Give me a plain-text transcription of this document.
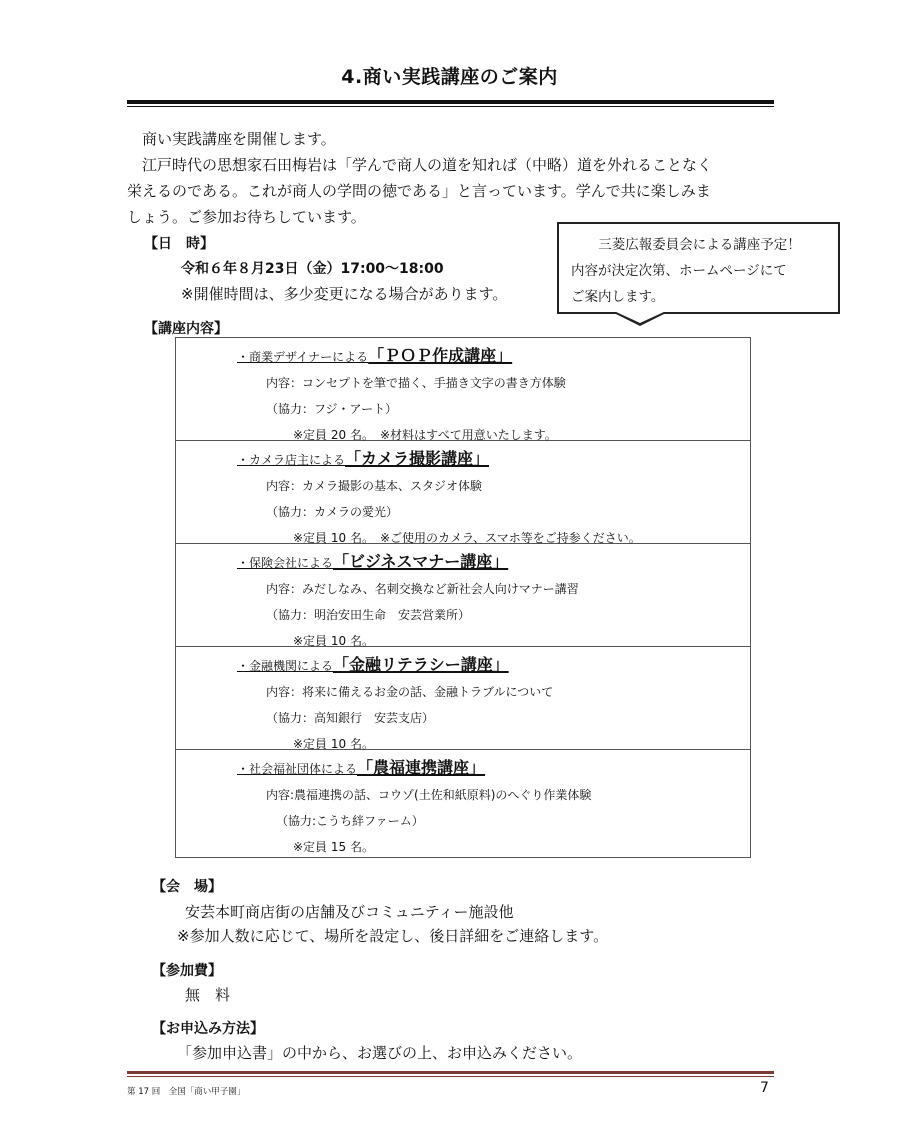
4.商い実践講座のご案内
　商い実践講座を開催します。
　江戸時代の思想家石田梅岩は「学んで商人の道を知れば（中略）道を外れることなく
栄えるのである。これが商人の学問の徳である」と言っています。学んで共に楽しみま
しょう。ご参加お待ちしています。
【日　時】
令和６年８月23日（金）17:00〜18:00
※開催時間は、多少変更になる場合があります。
三菱広報委員会による講座予定！
内容が決定次第、ホームページにて
ご案内します。
【講座内容】
・商業デザイナーによる「ＰＯＰ作成講座」
内容：コンセプトを筆で描く、手描き文字の書き方体験
（協力：フジ・アート）
※定員 20 名。　※材料はすべて用意いたします。
・カメラ店主による「カメラ撮影講座」
内容：カメラ撮影の基本、スタジオ体験
（協力：カメラの愛光）
※定員 10 名。　※ご使用のカメラ、スマホ等をご持参ください。
・保険会社による「ビジネスマナー講座」
内容：みだしなみ、名刺交換など新社会人向けマナー講習
（協力：明治安田生命　安芸営業所）
※定員 10 名。
・金融機関による「金融リテラシー講座」
内容：将来に備えるお金の話、金融トラブルについて
（協力：高知銀行　安芸支店）
※定員 10 名。
・社会福祉団体による「農福連携講座」
内容:農福連携の話、コウゾ(土佐和紙原料)のへぐり作業体験
（協力:こうち絆ファーム）
※定員 15 名。
【会　場】
安芸本町商店街の店舗及びコミュニティー施設他
※参加人数に応じて、場所を設定し、後日詳細をご連絡します。
【参加費】
無　料
【お申込み方法】
「参加申込書」の中から、お選びの上、お申込みください。
第 17 回　全国「商い甲子園」	7
